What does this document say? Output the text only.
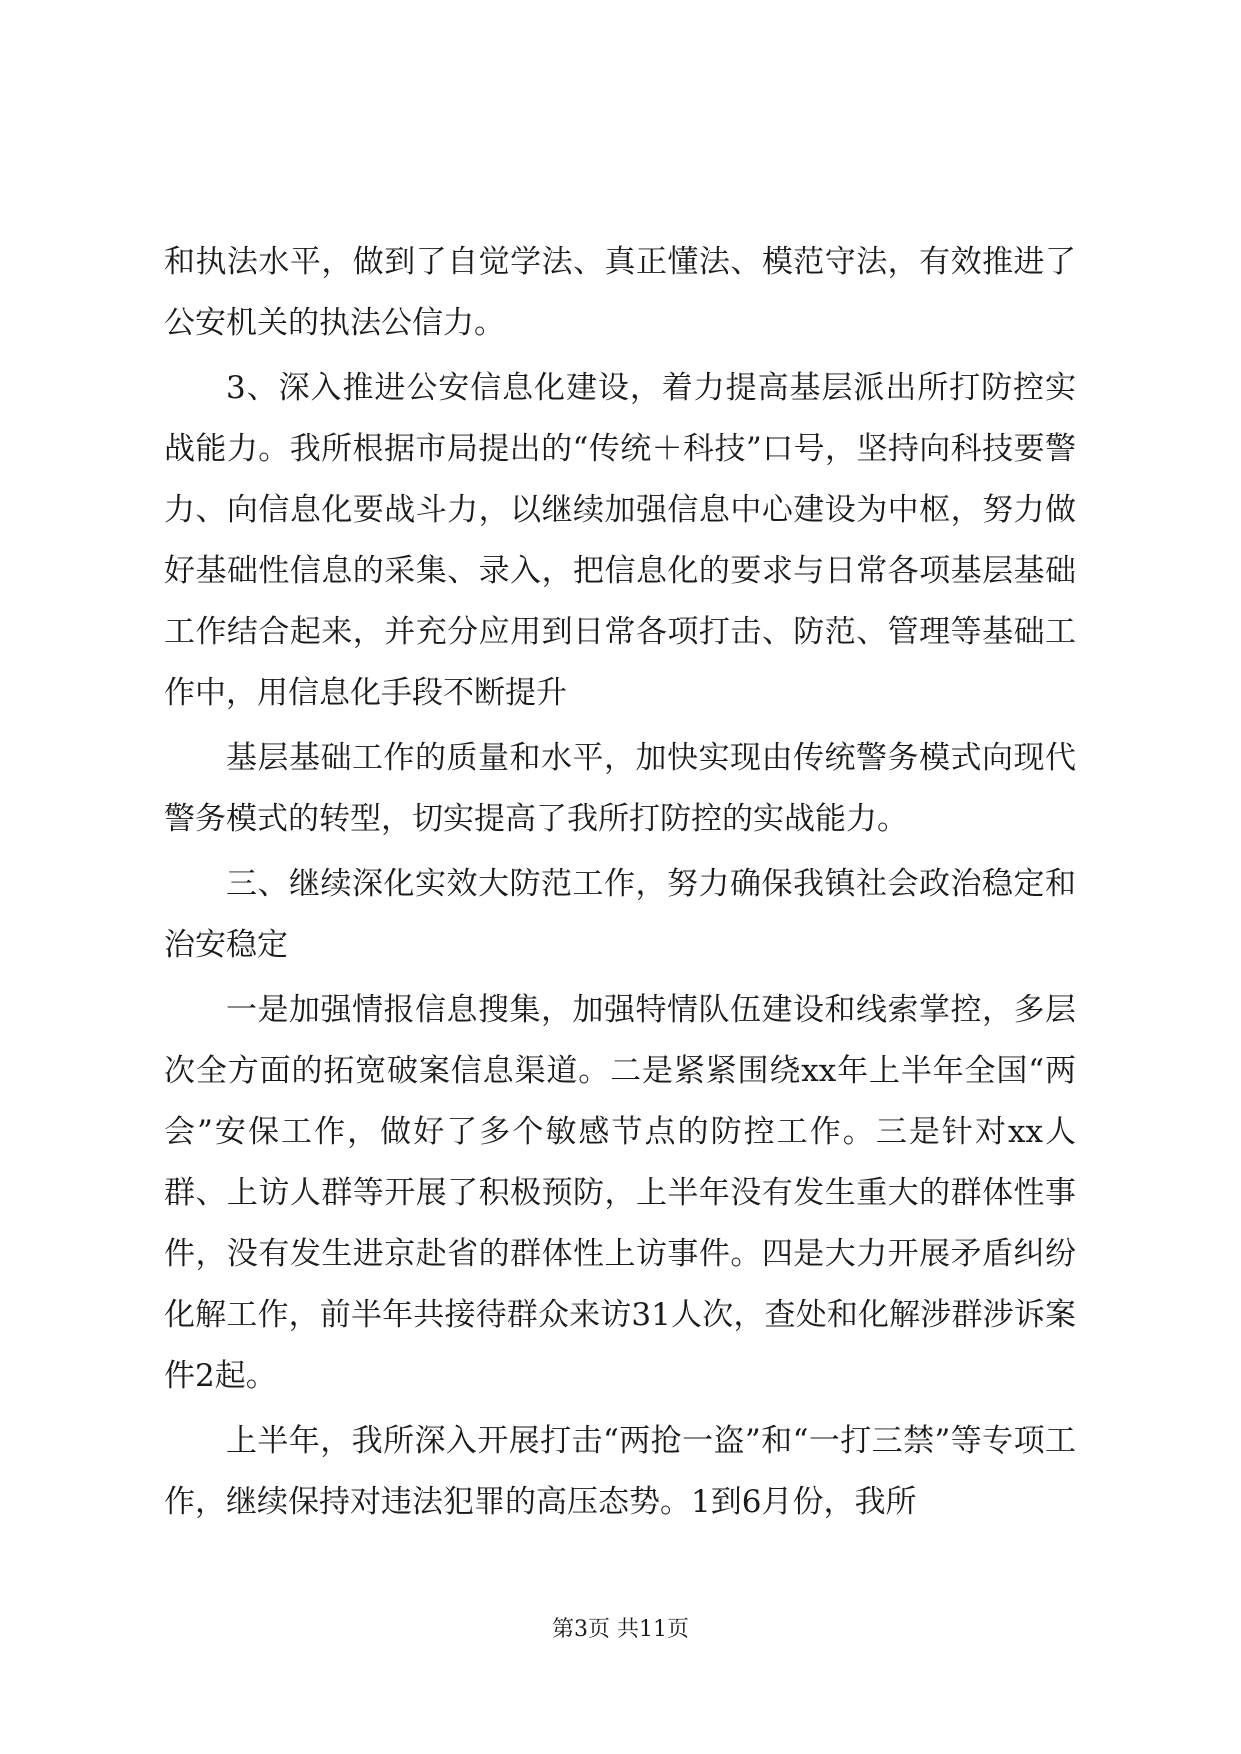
和执法水平，做到了自觉学法、真正懂法、模范守法，有效推进了公安机关的执法公信力。

3、深入推进公安信息化建设，着力提高基层派出所打防控实战能力。我所根据市局提出的“传统＋科技”口号，坚持向科技要警力、向信息化要战斗力，以继续加强信息中心建设为中枢，努力做好基础性信息的采集、录入，把信息化的要求与日常各项基层基础工作结合起来，并充分应用到日常各项打击、防范、管理等基础工作中，用信息化手段不断提升

基层基础工作的质量和水平，加快实现由传统警务模式向现代警务模式的转型，切实提高了我所打防控的实战能力。

三、继续深化实效大防范工作，努力确保我镇社会政治稳定和治安稳定

一是加强情报信息搜集，加强特情队伍建设和线索掌控，多层次全方面的拓宽破案信息渠道。二是紧紧围绕xx年上半年全国“两会”安保工作，做好了多个敏感节点的防控工作。三是针对xx人群、上访人群等开展了积极预防，上半年没有发生重大的群体性事件，没有发生进京赴省的群体性上访事件。四是大力开展矛盾纠纷化解工作，前半年共接待群众来访31人次，查处和化解涉群涉诉案件2起。

上半年，我所深入开展打击“两抢一盗”和“一打三禁”等专项工作，继续保持对违法犯罪的高压态势。1到6月份，我所

第3页 共11页
